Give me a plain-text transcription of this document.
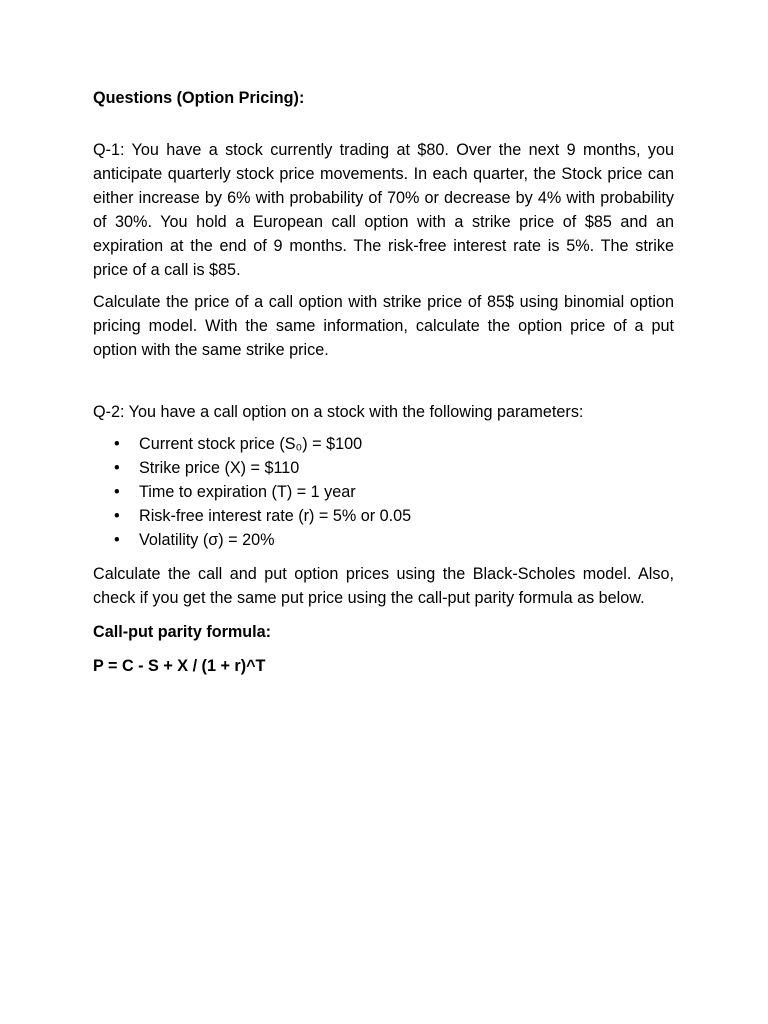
Questions (Option Pricing):

Q-1: You have a stock currently trading at $80. Over the next 9 months, you anticipate quarterly stock price movements. In each quarter, the Stock price can either increase by 6% with probability of 70% or decrease by 4% with probability of 30%. You hold a European call option with a strike price of $85 and an expiration at the end of 9 months. The risk-free interest rate is 5%. The strike price of a call is $85.

Calculate the price of a call option with strike price of 85$ using binomial option pricing model. With the same information, calculate the option price of a put option with the same strike price.

Q-2: You have a call option on a stock with the following parameters:

• Current stock price (S₀) = $100
• Strike price (X) = $110
• Time to expiration (T) = 1 year
• Risk-free interest rate (r) = 5% or 0.05
• Volatility (σ) = 20%

Calculate the call and put option prices using the Black-Scholes model. Also, check if you get the same put price using the call-put parity formula as below.

Call-put parity formula:

P = C - S + X / (1 + r)^T
